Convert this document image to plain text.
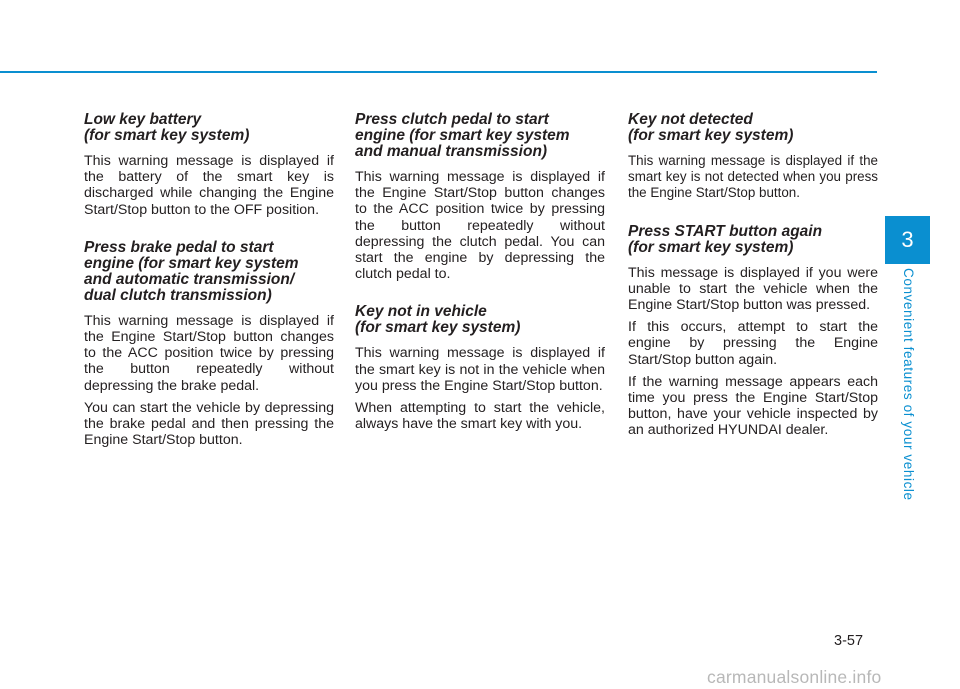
Low key battery
(for smart key system)

This warning message is displayed if the battery of the smart key is discharged while changing the Engine Start/Stop button to the OFF position.

Press brake pedal to start
engine (for smart key system
and automatic transmission/
dual clutch transmission)

This warning message is displayed if the Engine Start/Stop button changes to the ACC position twice by pressing the button repeatedly without depressing the brake pedal.

You can start the vehicle by depressing the brake pedal and then pressing the Engine Start/Stop button.

Press clutch pedal to start
engine (for smart key system
and manual transmission)

This warning message is displayed if the Engine Start/Stop button changes to the ACC position twice by pressing the button repeatedly without depressing the clutch pedal. You can start the engine by depressing the clutch pedal to.

Key not in vehicle
(for smart key system)

This warning message is displayed if the smart key is not in the vehicle when you press the Engine Start/Stop button.

When attempting to start the vehicle, always have the smart key with you.

Key not detected
(for smart key system)

This warning message is displayed if the smart key is not detected when you press the Engine Start/Stop button.

Press START button again
(for smart key system)

This message is displayed if you were unable to start the vehicle when the Engine Start/Stop button was pressed.

If this occurs, attempt to start the engine by pressing the Engine Start/Stop button again.

If the warning message appears each time you press the Engine Start/Stop button, have your vehicle inspected by an authorized HYUNDAI dealer.

3
Convenient features of your vehicle
3-57
carmanualsonline.info
